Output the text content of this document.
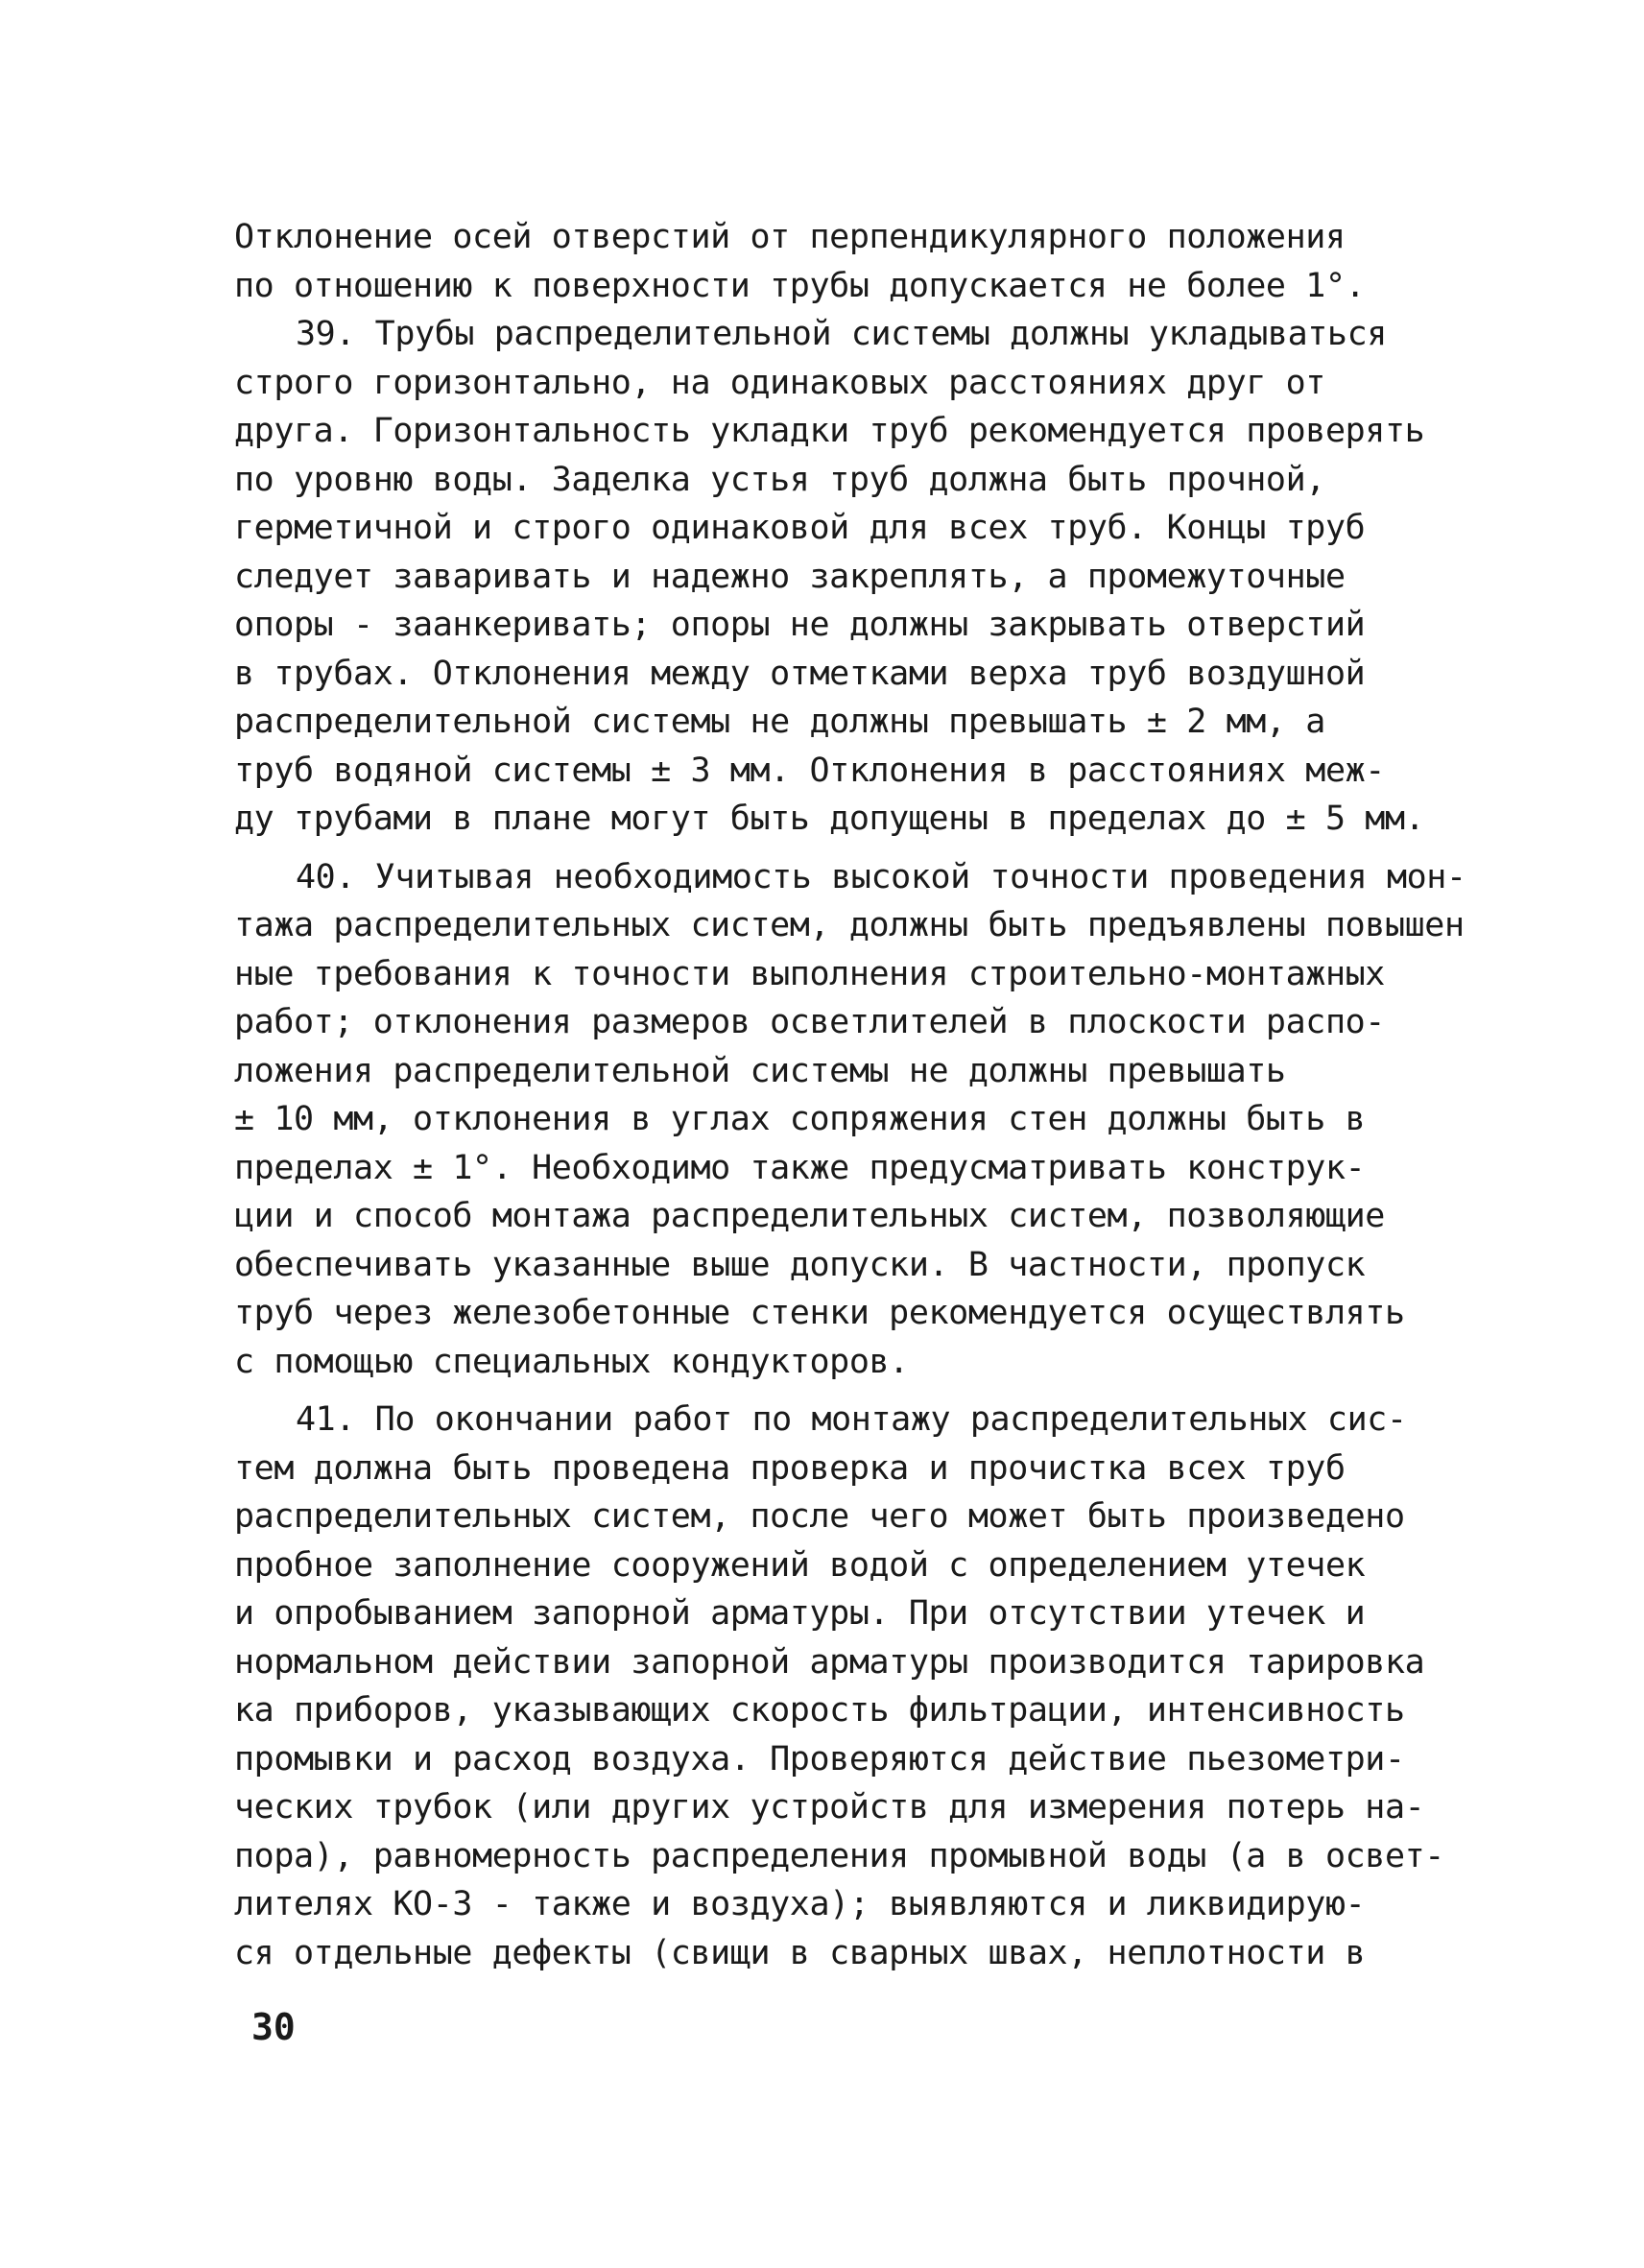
Отклонение осей отверстий от перпендикулярного положения
по отношению к поверхности трубы допускается не более 1°.
39. Трубы распределительной системы должны укладываться
строго горизонтально, на одинаковых расстояниях друг от
друга. Горизонтальность укладки труб рекомендуется проверять
по уровню воды. Заделка устья труб должна быть прочной,
герметичной и строго одинаковой для всех труб. Концы труб
следует заваривать и надежно закреплять, а промежуточные
опоры - заанкеривать; опоры не должны закрывать отверстий
в трубах. Отклонения между отметками верха труб воздушной
распределительной системы не должны превышать ± 2 мм, а
труб водяной системы ± 3 мм. Отклонения в расстояниях меж-
ду трубами в плане могут быть допущены в пределах до ± 5 мм.
40. Учитывая необходимость высокой точности проведения мон-
тажа распределительных систем, должны быть предъявлены повышен
ные требования к точности выполнения строительно-монтажных
работ; отклонения размеров осветлителей в плоскости распо-
ложения распределительной системы не должны превышать
± 10 мм, отклонения в углах сопряжения стен должны быть в
пределах ± 1°. Необходимо также предусматривать конструк-
ции и способ монтажа распределительных систем, позволяющие
обеспечивать указанные выше допуски. В частности, пропуск
труб через железобетонные стенки рекомендуется осуществлять
с помощью специальных кондукторов.
41. По окончании работ по монтажу распределительных сис-
тем должна быть проведена проверка и прочистка всех труб
распределительных систем, после чего может быть произведено
пробное заполнение сооружений водой с определением утечек
и опробыванием запорной арматуры. При отсутствии утечек и
нормальном действии запорной арматуры производится тарировка
ка приборов, указывающих скорость фильтрации, интенсивность
промывки и расход воздуха. Проверяются действие пьезометри-
ческих трубок (или других устройств для измерения потерь на-
пора), равномерность распределения промывной воды (а в освет-
лителях КО-3 - также и воздуха); выявляются и ликвидирую-
ся отдельные дефекты (свищи в сварных швах, неплотности в
30
